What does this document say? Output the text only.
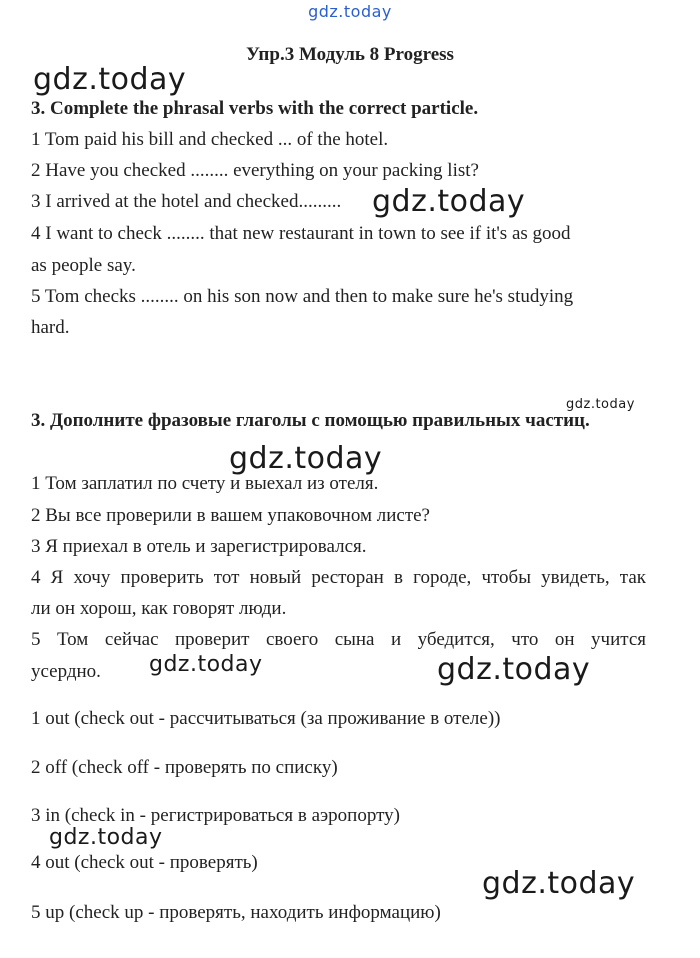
gdz.today
Упр.3 Модуль 8 Progress
gdz.today
3. Complete the phrasal verbs with the correct particle.
1 Tom paid his bill and checked ... of the hotel.
2 Have you checked ........ everything on your packing list?
3 I arrived at the hotel and checked......... gdz.today
4 I want to check ........ that new restaurant in town to see if it's as good
as people say.
5 Tom checks ........ on his son now and then to make sure he's studying
hard.
gdz.today
3. Дополните фразовые глаголы с помощью правильных частиц.
gdz.today
1 Том заплатил по счету и выехал из отеля.
2 Вы все проверили в вашем упаковочном листе?
3 Я приехал в отель и зарегистрировался.
4 Я хочу проверить тот новый ресторан в городе, чтобы увидеть, так
ли он хорош, как говорят люди.
5 Том сейчас проверит своего сына и убедится, что он учится
усердно. gdz.today	gdz.today
1 out (check out - рассчитываться (за проживание в отеле))
2 off (check off - проверять по списку)
3 in (check in - регистрироваться в аэропорту)
gdz.today
4 out (check out - проверять)
gdz.today
5 up (check up - проверять, находить информацию)
